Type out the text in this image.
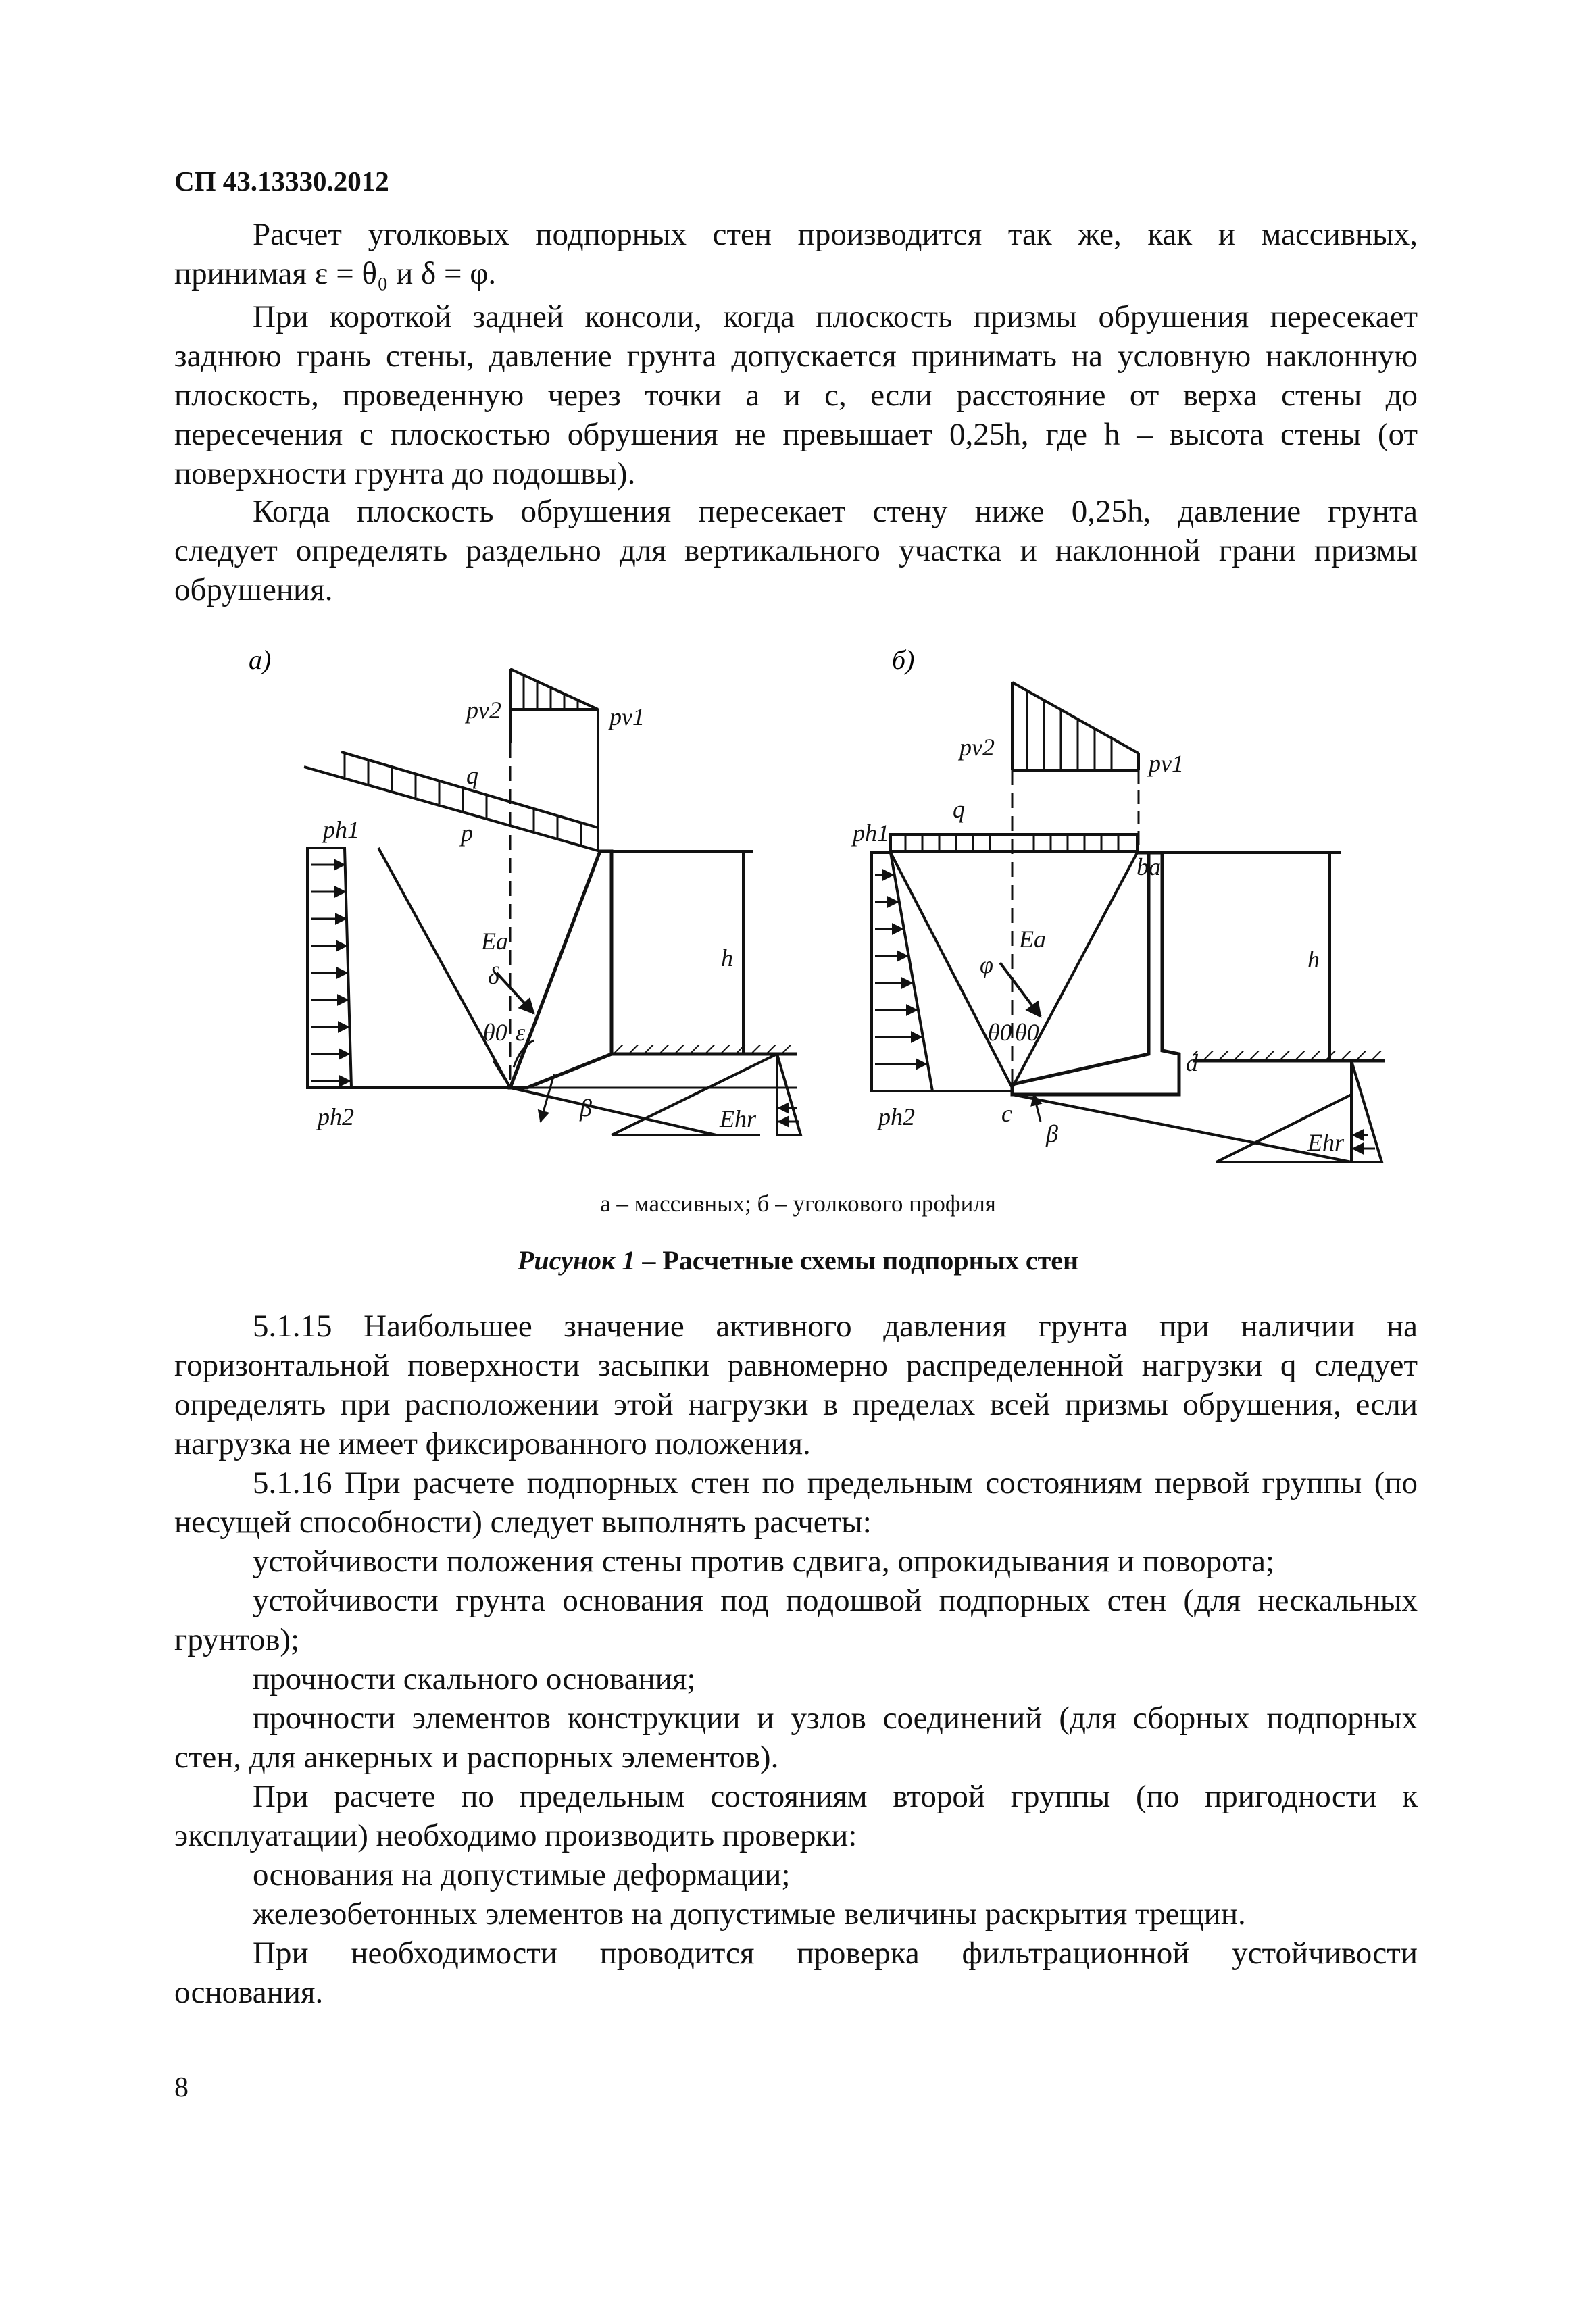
СП 43.13330.2012
Расчет уголковых подпорных стен производится так же, как и массивных,
принимая ε = θ₀ и δ = φ.
При короткой задней консоли, когда плоскость призмы обрушения пересекает
заднюю грань стены, давление грунта допускается принимать на условную наклонную
плоскость, проведенную через точки a и c, если расстояние от верха стены до
пересечения с плоскостью обрушения не превышает 0,25h, где h – высота стены (от
поверхности грунта до подошвы).
Когда плоскость обрушения пересекает стену ниже 0,25h, давление грунта
следует определять раздельно для вертикального участка и наклонной грани призмы
обрушения.
а)	б)
pv2	pv1
q
ph1	p
Ea
δ
ε
θ0
h
β
ph2	Ehr
pv2
pv1
q
ph1
ba
Ea
φ
θ0 θ0
h
d
c
β
ph2
Ehr
а – массивных; б – уголкового профиля
Рисунок 1 – Расчетные схемы подпорных стен
5.1.15 Наибольшее значение активного давления грунта при наличии на
горизонтальной поверхности засыпки равномерно распределенной нагрузки q следует
определять при расположении этой нагрузки в пределах всей призмы обрушения, если
нагрузка не имеет фиксированного положения.
5.1.16 При расчете подпорных стен по предельным состояниям первой группы (по
несущей способности) следует выполнять расчеты:
устойчивости положения стены против сдвига, опрокидывания и поворота;
устойчивости грунта основания под подошвой подпорных стен (для нескальных
грунтов);
прочности скального основания;
прочности элементов конструкции и узлов соединений (для сборных подпорных
стен, для анкерных и распорных элементов).
При расчете по предельным состояниям второй группы (по пригодности к
эксплуатации) необходимо производить проверки:
основания на допустимые деформации;
железобетонных элементов на допустимые величины раскрытия трещин.
При необходимости проводится проверка фильтрационной устойчивости
основания.
8
